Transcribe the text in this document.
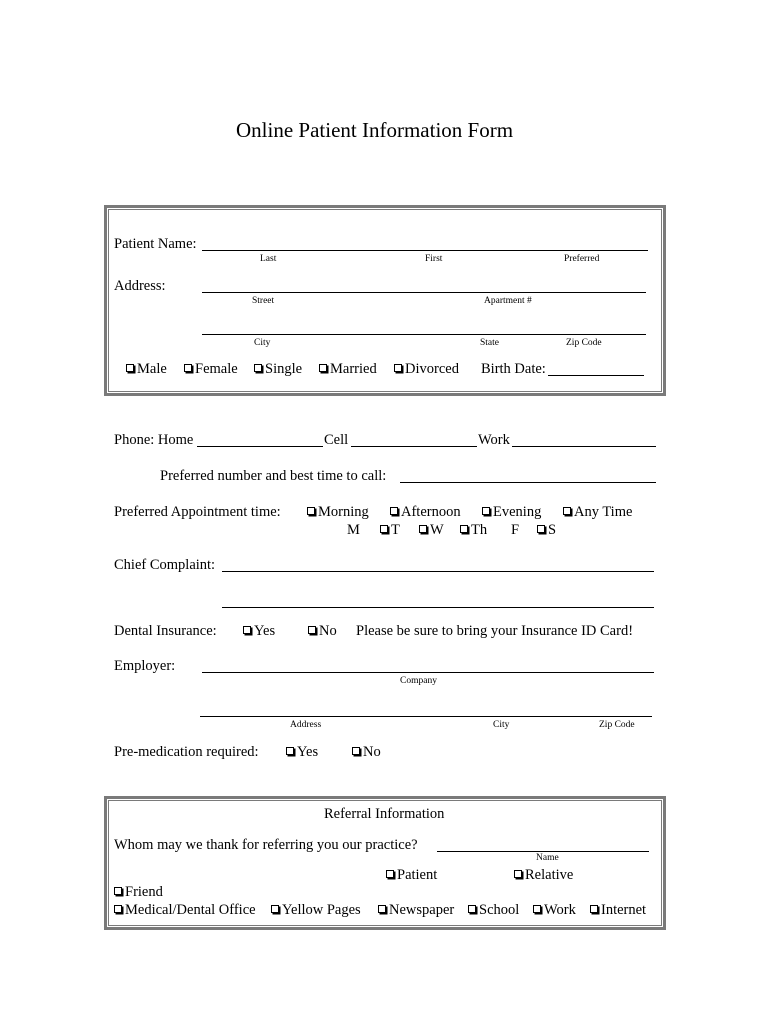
Online Patient Information Form
Patient Name:
Last	First	Preferred
Address:
Street	Apartment #
City	State	Zip Code
Male	Female	Single	Married	Divorced Birth Date:
Phone: Home	Cell	Work
Preferred number and best time to call:
Preferred Appointment time:	Morning	Afternoon	Evening	Any Time
M	T	W	Th F	S
Chief Complaint:
Dental Insurance:	Yes	No Please be sure to bring your Insurance ID Card!
Employer:
Company
Address	City	Zip Code
Pre-medication required:	Yes	No
Referral Information
Whom may we thank for referring you our practice?
Name
Patient	Relative
Friend
Medical/Dental Office	Yellow Pages	Newspaper	School	Work	Internet
